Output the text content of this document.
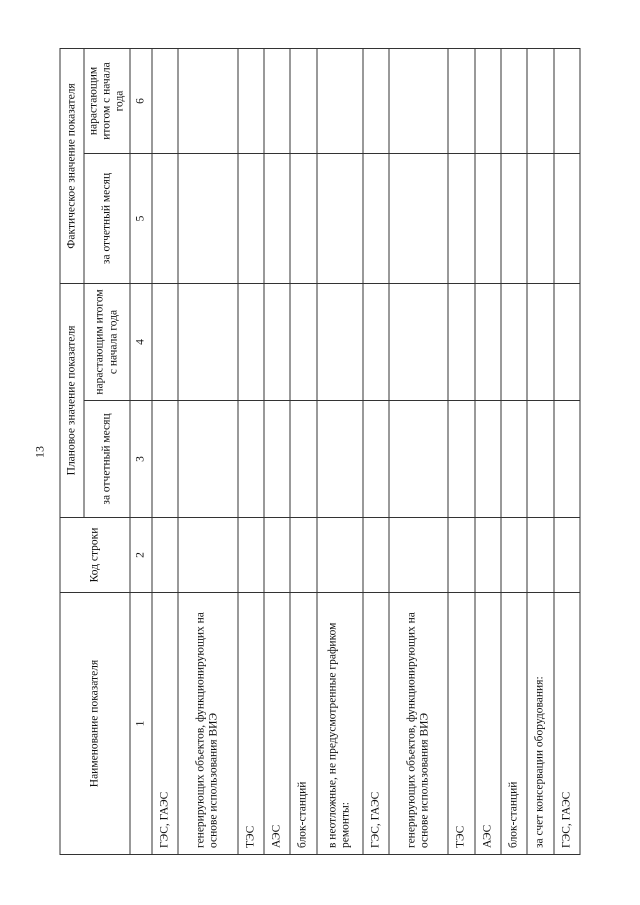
13
Наименование показателя	Код строки	Плановое значение показателя		Фактическое значение показателя	
		за отчетный месяц	нарастающим итогом с начала года	за отчетный месяц	нарастающим итогом с начала года
1	2	3	4	5	6
ГЭС, ГАЭС					
генерирующих объектов, функционирующих на основе использования ВИЭ					
ТЭС					
АЭС					
блок-станций					
в неотложные, не предусмотренные графиком ремонты:					
ГЭС, ГАЭС					
генерирующих объектов, функционирующих на основе использования ВИЭ					
ТЭС					
АЭС					
блок-станций					
за счет консервации оборудования:					
ГЭС, ГАЭС					
